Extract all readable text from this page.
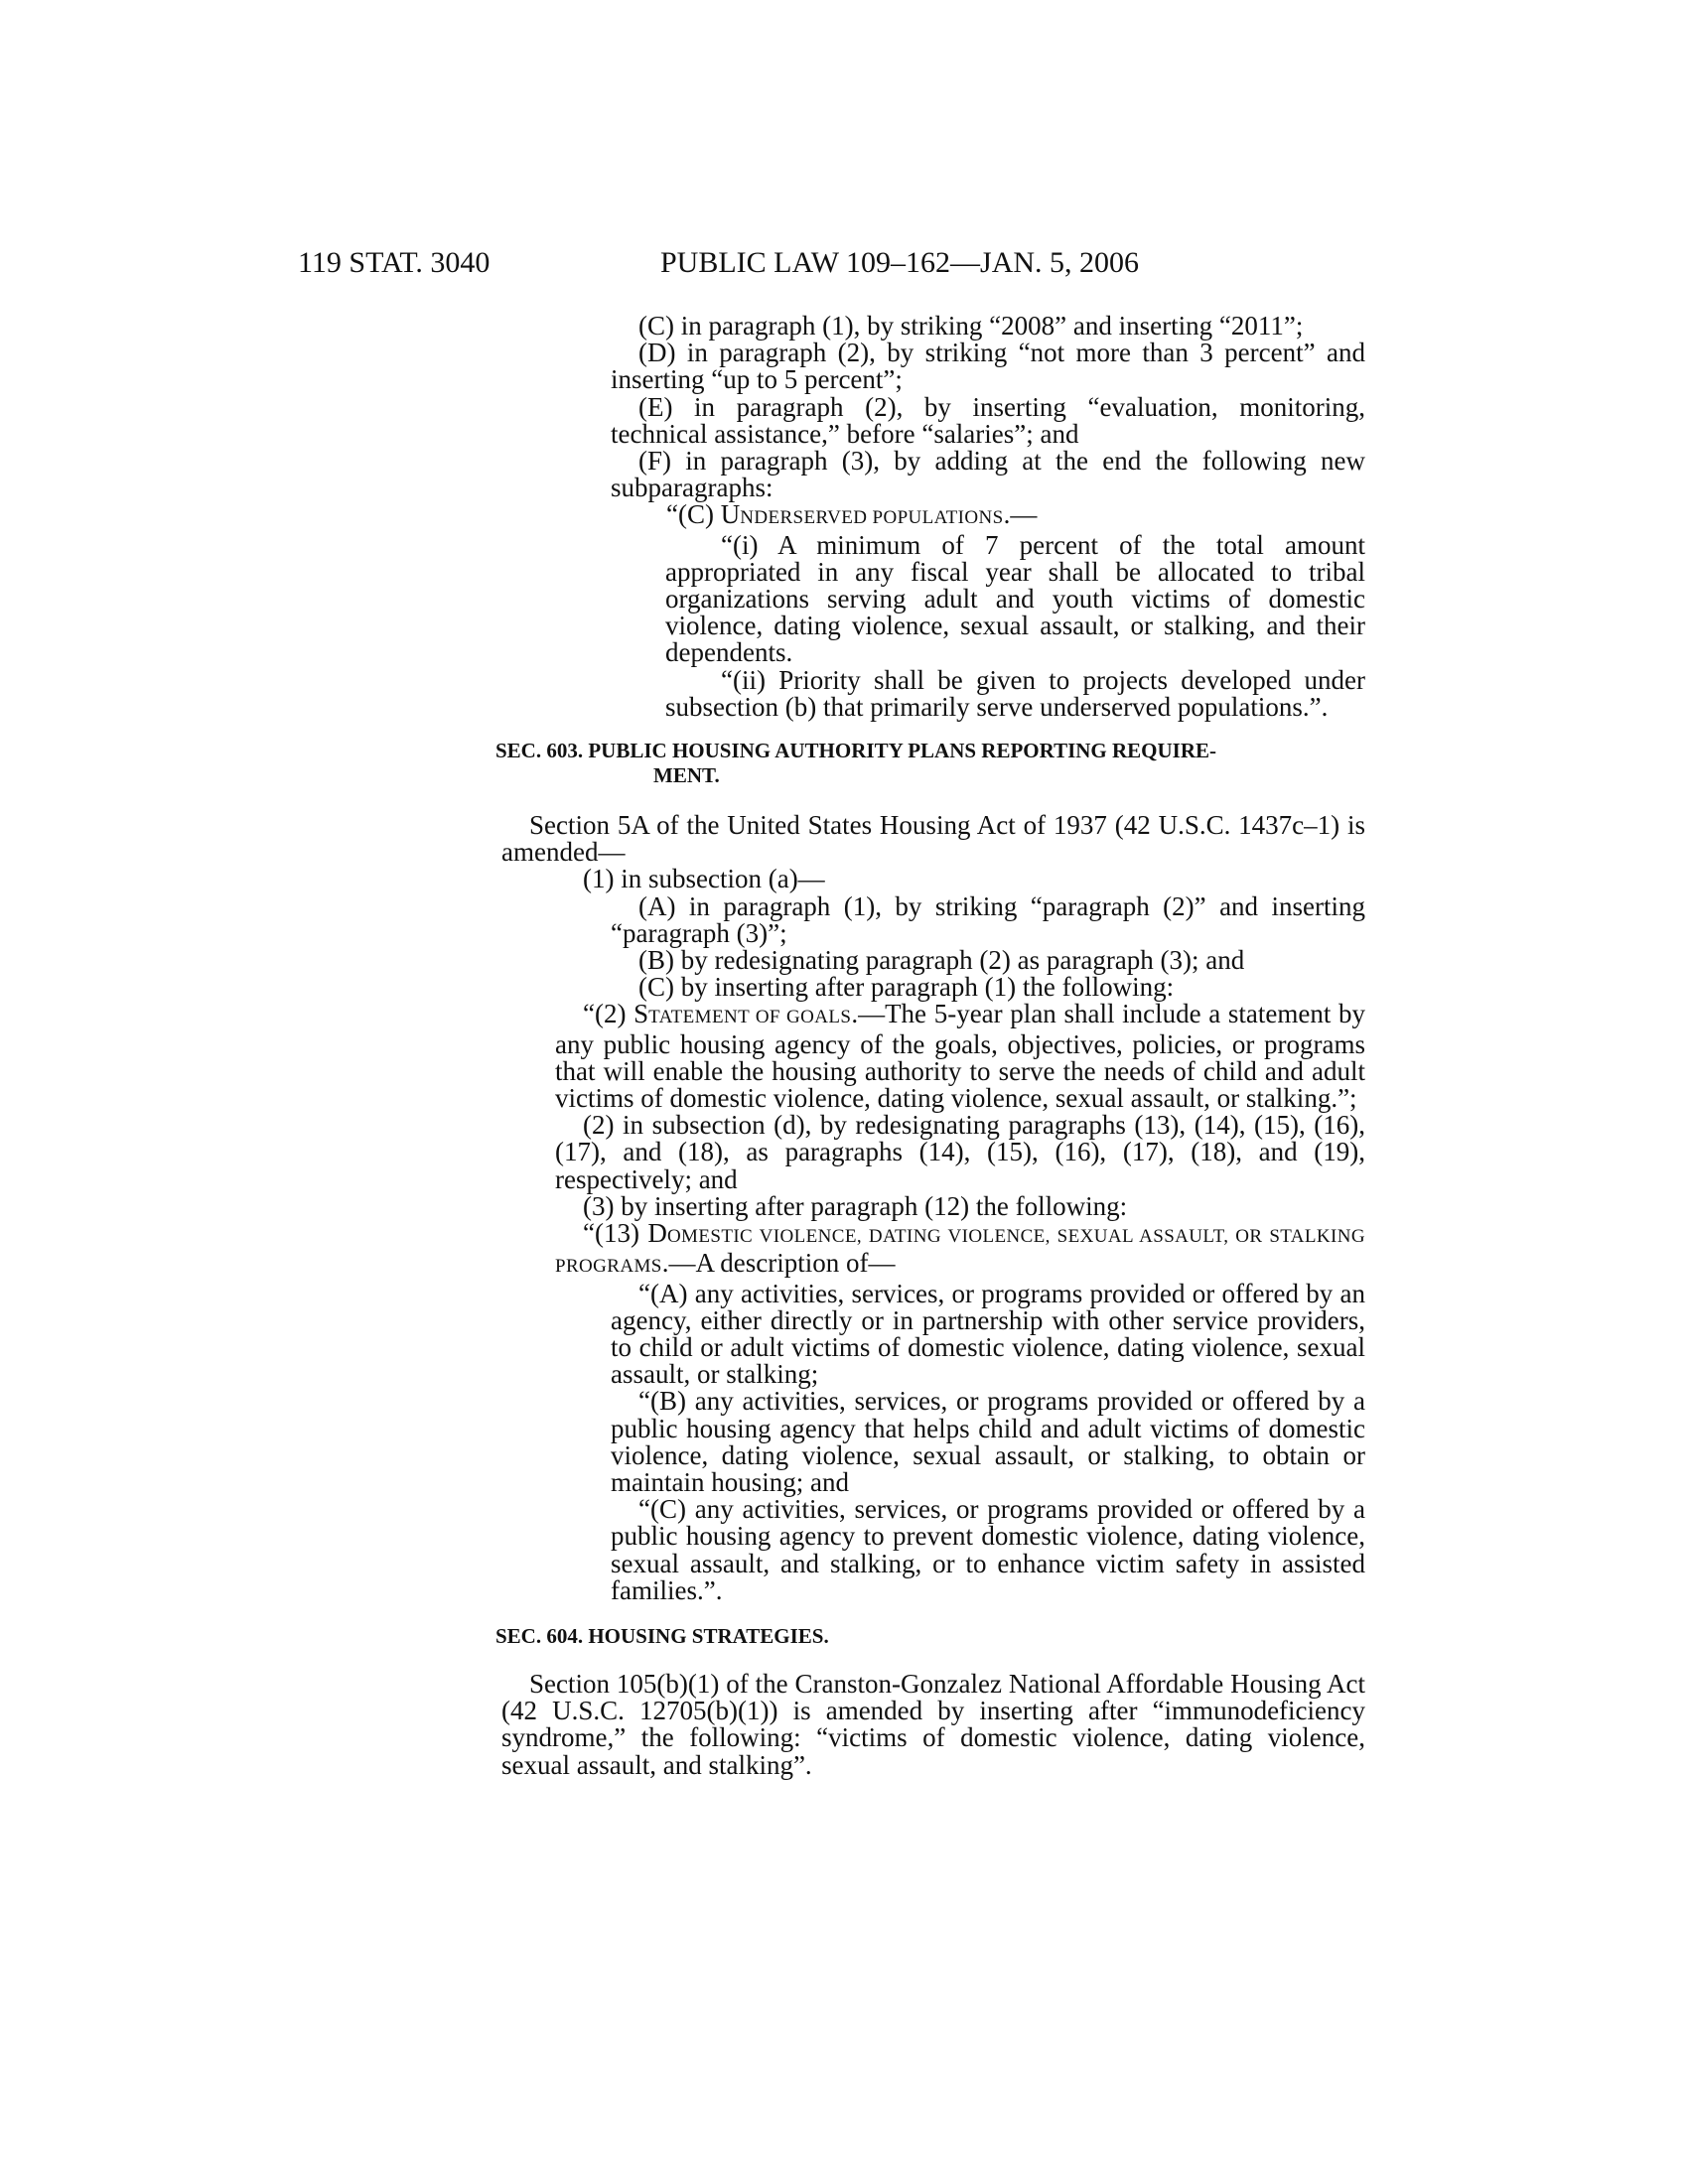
119 STAT. 3040	PUBLIC LAW 109–162—JAN. 5, 2006

(C) in paragraph (1), by striking “2008” and inserting “2011”;

(D) in paragraph (2), by striking “not more than 3 percent” and inserting “up to 5 percent”;

(E) in paragraph (2), by inserting “evaluation, monitoring, technical assistance,” before “salaries”; and

(F) in paragraph (3), by adding at the end the following new subparagraphs:

“(C) UNDERSERVED POPULATIONS.—

“(i) A minimum of 7 percent of the total amount appropriated in any fiscal year shall be allocated to tribal organizations serving adult and youth victims of domestic violence, dating violence, sexual assault, or stalking, and their dependents.

“(ii) Priority shall be given to projects developed under subsection (b) that primarily serve underserved populations.”.

SEC. 603. PUBLIC HOUSING AUTHORITY PLANS REPORTING REQUIRE-
MENT.

Section 5A of the United States Housing Act of 1937 (42 U.S.C. 1437c–1) is amended—

(1) in subsection (a)—

(A) in paragraph (1), by striking “paragraph (2)” and inserting “paragraph (3)”;

(B) by redesignating paragraph (2) as paragraph (3); and

(C) by inserting after paragraph (1) the following:

“(2) STATEMENT OF GOALS.—The 5-year plan shall include a statement by any public housing agency of the goals, objectives, policies, or programs that will enable the housing authority to serve the needs of child and adult victims of domestic violence, dating violence, sexual assault, or stalking.”;

(2) in subsection (d), by redesignating paragraphs (13), (14), (15), (16), (17), and (18), as paragraphs (14), (15), (16), (17), (18), and (19), respectively; and

(3) by inserting after paragraph (12) the following:

“(13) DOMESTIC VIOLENCE, DATING VIOLENCE, SEXUAL ASSAULT, OR STALKING PROGRAMS.—A description of—

“(A) any activities, services, or programs provided or offered by an agency, either directly or in partnership with other service providers, to child or adult victims of domestic violence, dating violence, sexual assault, or stalking;

“(B) any activities, services, or programs provided or offered by a public housing agency that helps child and adult victims of domestic violence, dating violence, sexual assault, or stalking, to obtain or maintain housing; and

“(C) any activities, services, or programs provided or offered by a public housing agency to prevent domestic violence, dating violence, sexual assault, and stalking, or to enhance victim safety in assisted families.”.

SEC. 604. HOUSING STRATEGIES.

Section 105(b)(1) of the Cranston-Gonzalez National Affordable Housing Act (42 U.S.C. 12705(b)(1)) is amended by inserting after “immunodeficiency syndrome,” the following: “victims of domestic violence, dating violence, sexual assault, and stalking”.
